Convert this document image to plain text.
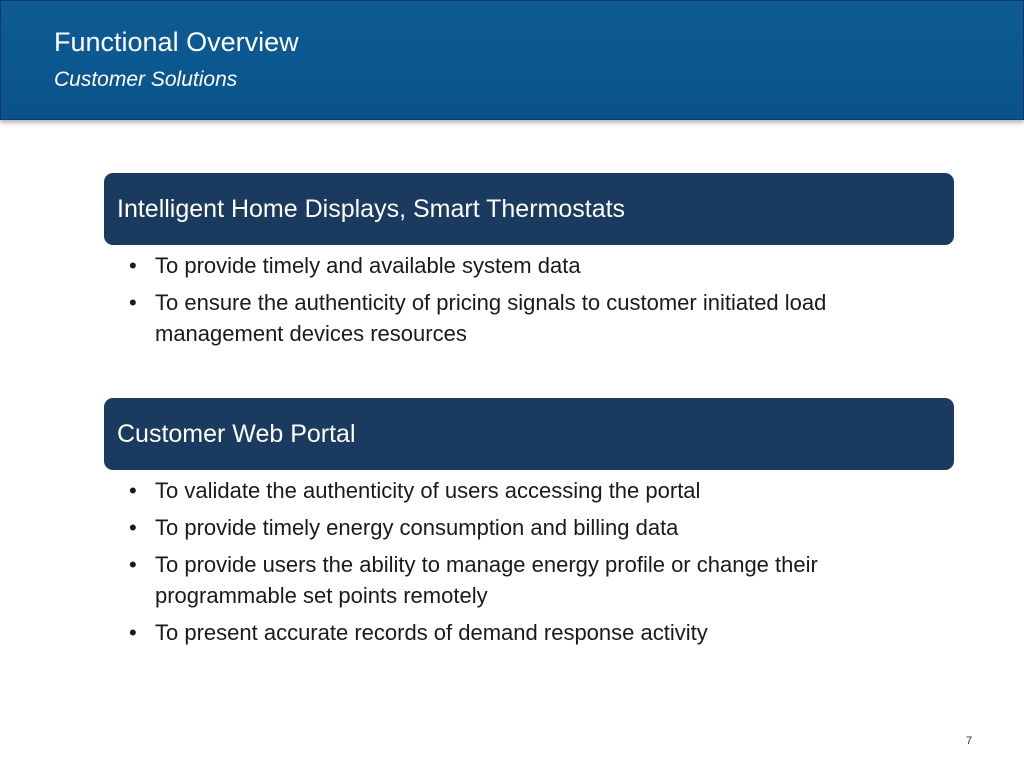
Functional Overview
Customer Solutions
Intelligent Home Displays, Smart Thermostats
• To provide timely and available system data
• To ensure the authenticity of pricing signals to customer initiated load management devices resources
Customer Web Portal
• To validate the authenticity of users accessing the portal
• To provide timely energy consumption and billing data
• To provide users the ability to manage energy profile or change their programmable set points remotely
• To present accurate records of demand response activity
7
